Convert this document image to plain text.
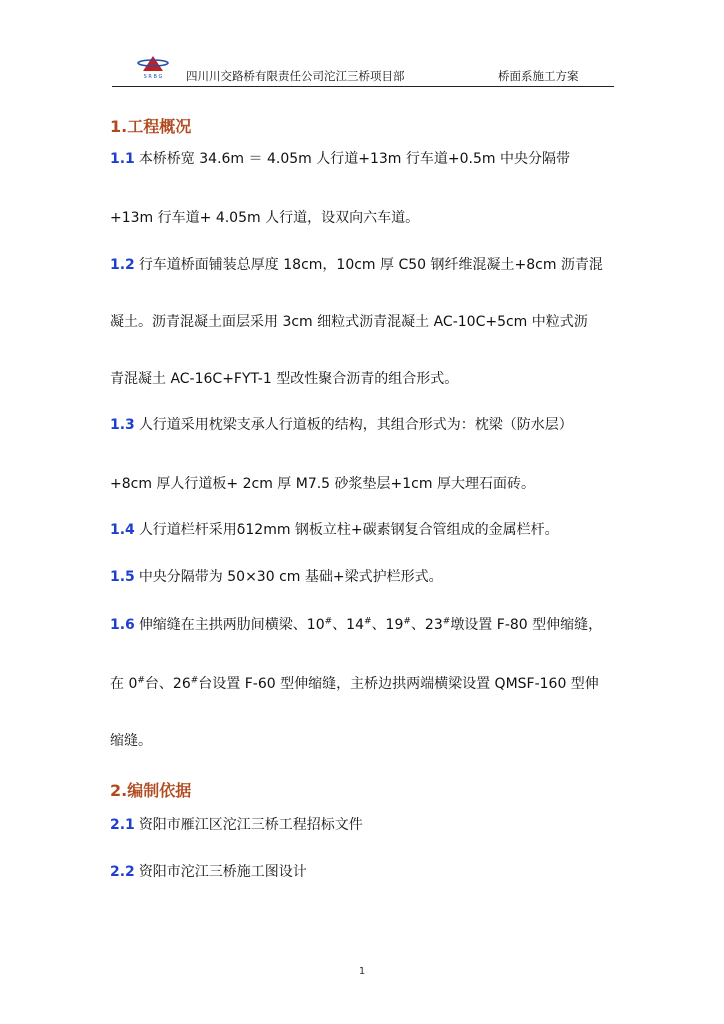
S R B G 四川川交路桥有限责任公司沱江三桥项目部	桥面系施工方案
1.工程概况
1.1 本桥桥宽 34.6m ＝ 4.05m 人行道+13m 行车道+0.5m 中央分隔带
+13m 行车道+ 4.05m 人行道，设双向六车道。
1.2 行车道桥面铺装总厚度 18cm，10cm 厚 C50 钢纤维混凝土+8cm 沥青混
凝土。沥青混凝土面层采用 3cm 细粒式沥青混凝土 AC-10C+5cm 中粒式沥
青混凝土 AC-16C+FYT-1 型改性聚合沥青的组合形式。
1.3 人行道采用枕梁支承人行道板的结构，其组合形式为：枕梁（防水层）
+8cm 厚人行道板+ 2cm 厚 M7.5 砂浆垫层+1cm 厚大理石面砖。
1.4 人行道栏杆采用δ12mm 钢板立柱+碳素钢复合管组成的金属栏杆。
1.5 中央分隔带为 50×30 cm 基础+梁式护栏形式。
1.6 伸缩缝在主拱两肋间横梁、10#、14#、19#、23#墩设置 F-80 型伸缩缝，
在 0#台、26#台设置 F-60 型伸缩缝，主桥边拱两端横梁设置 QMSF-160 型伸
缩缝。
2.编制依据
2.1 资阳市雁江区沱江三桥工程招标文件
2.2 资阳市沱江三桥施工图设计
1
